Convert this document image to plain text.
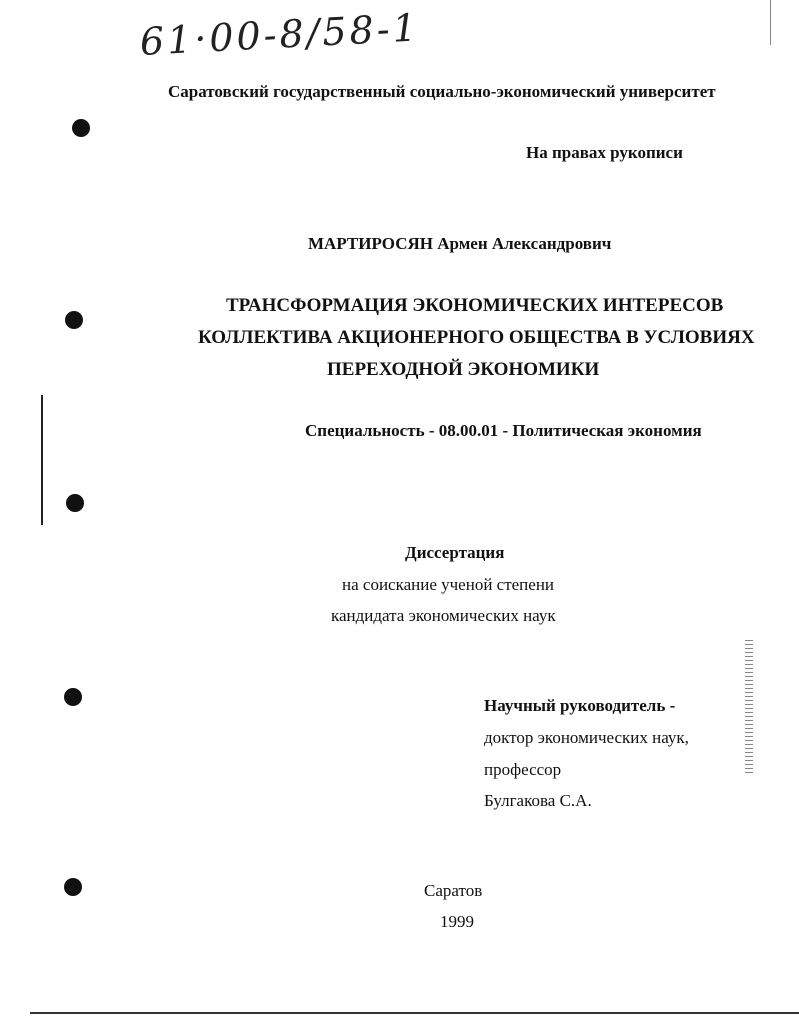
61·00-8/58-1
Саратовский государственный социально-экономический университет
На правах рукописи
МАРТИРОСЯН Армен Александрович
ТРАНСФОРМАЦИЯ ЭКОНОМИЧЕСКИХ ИНТЕРЕСОВ
КОЛЛЕКТИВА АКЦИОНЕРНОГО ОБЩЕСТВА В УСЛОВИЯХ
ПЕРЕХОДНОЙ ЭКОНОМИКИ
Специальность - 08.00.01 - Политическая экономия
Диссертация
на соискание ученой степени
кандидата экономических наук
Научный руководитель -
доктор экономических наук,
профессор
Булгакова С.А.
Саратов
1999
